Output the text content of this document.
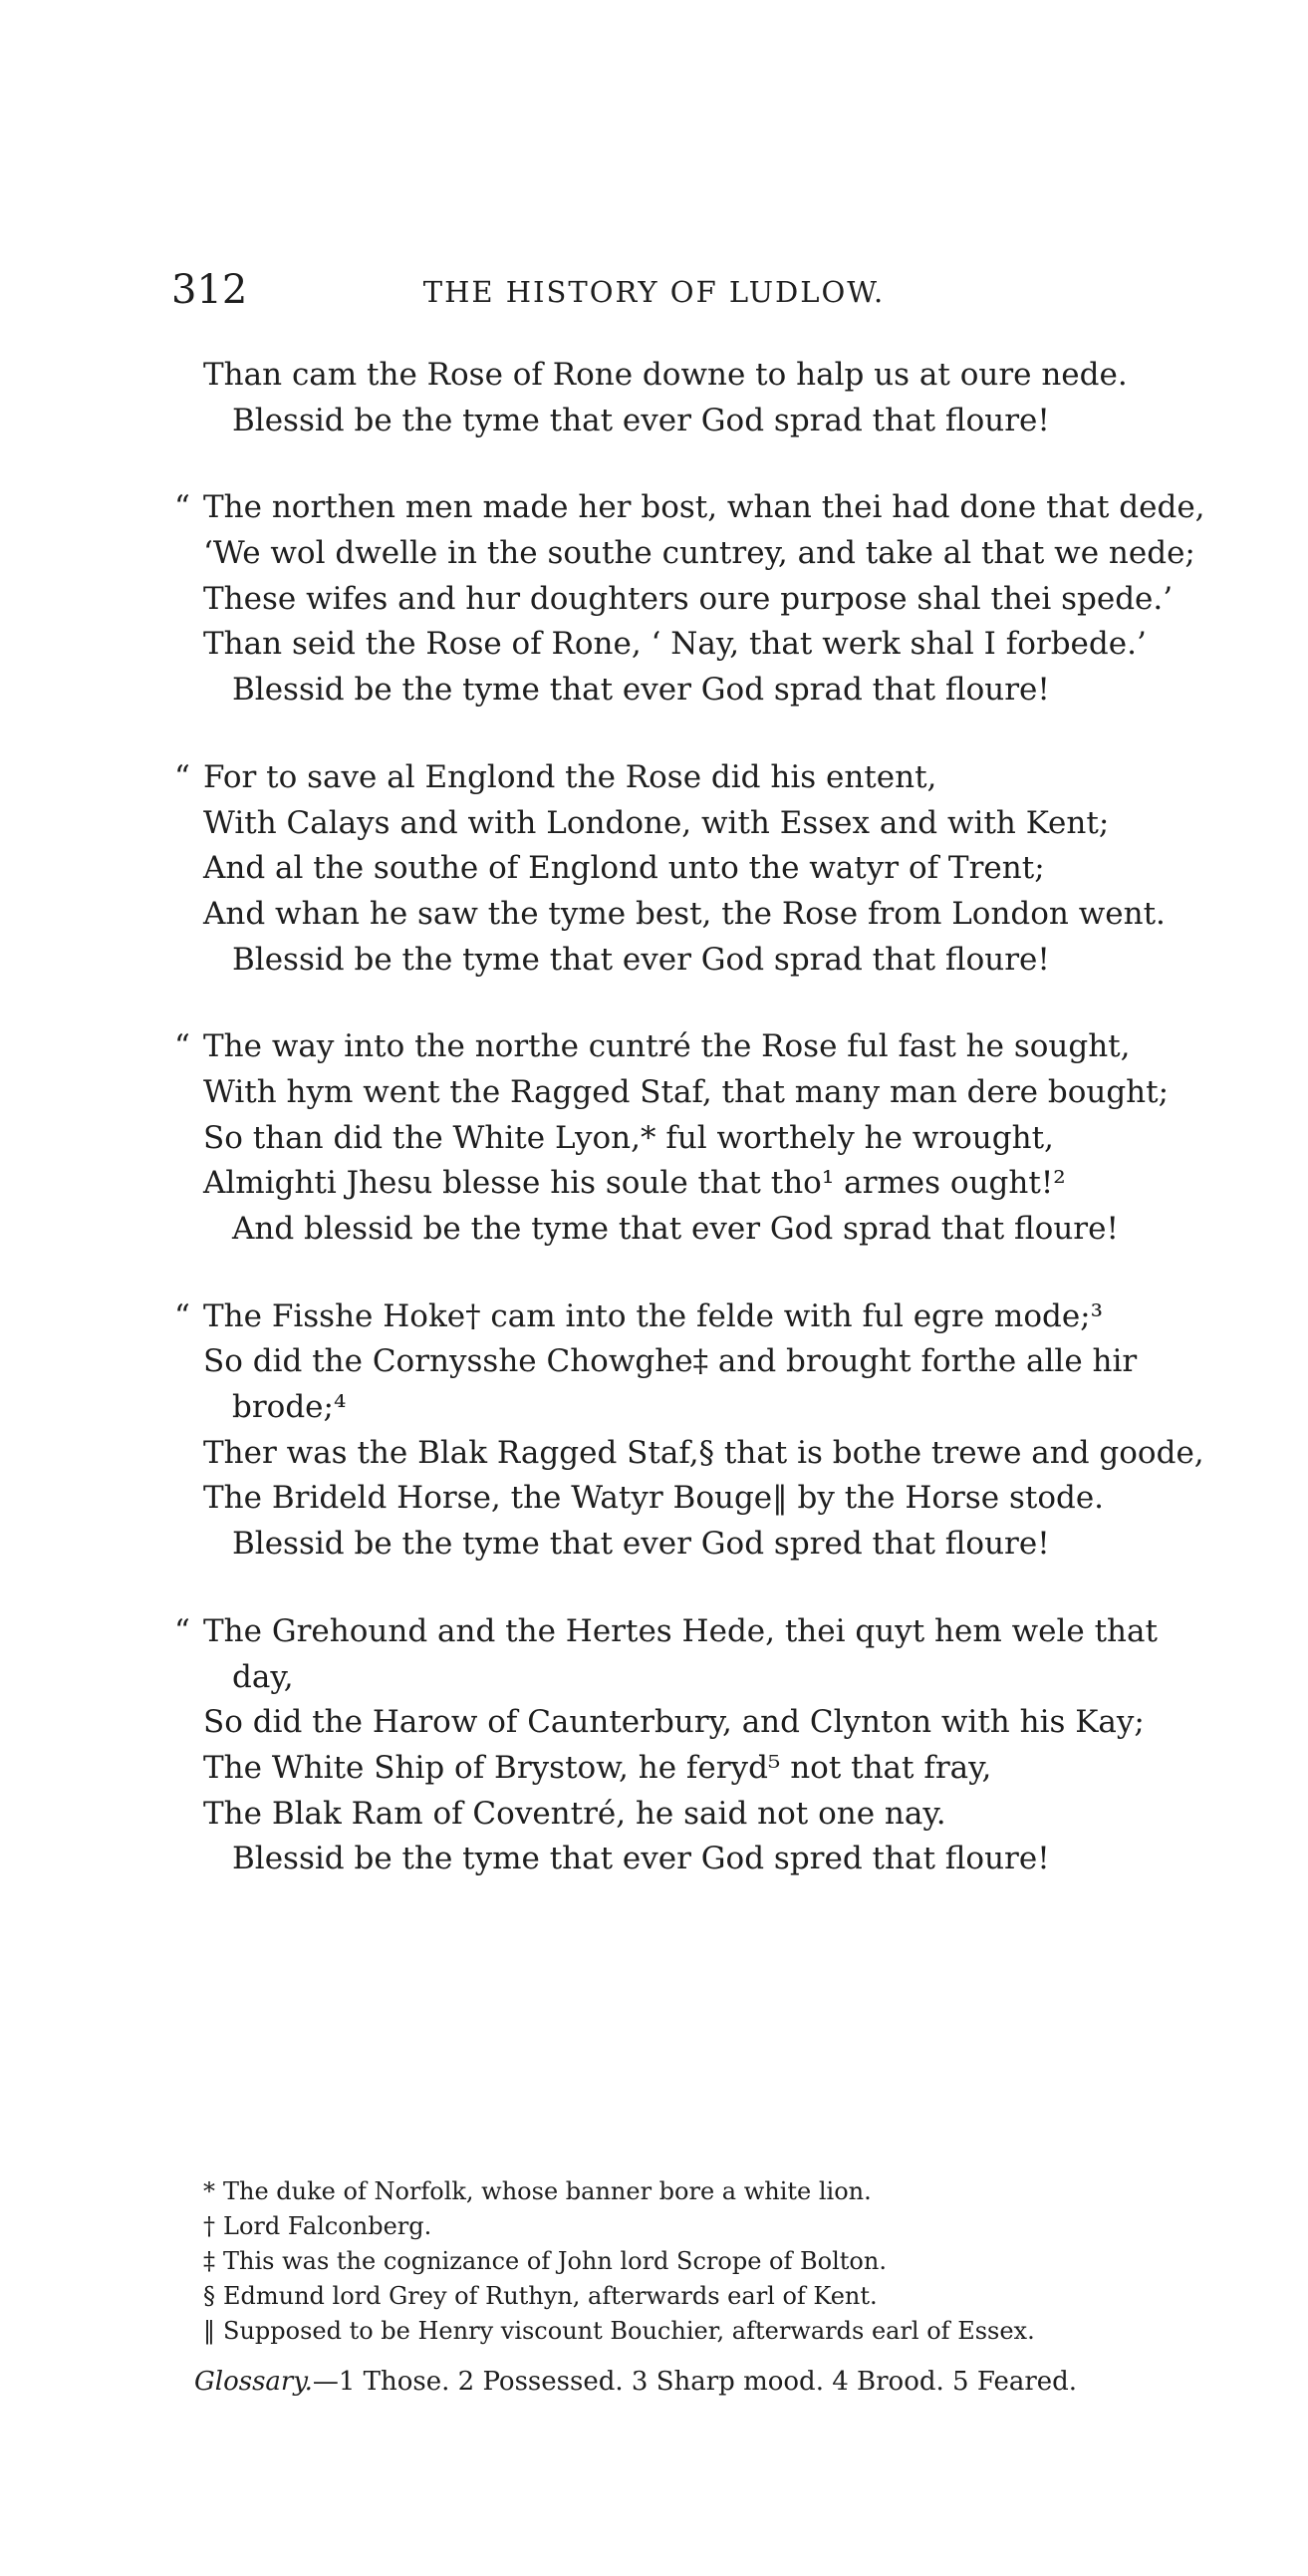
312	THE HISTORY OF LUDLOW.
Than cam the Rose of Rone downe to halp us at oure nede.
Blessid be the tyme that ever God sprad that floure!
“ The northen men made her bost, whan thei had done that dede,
‘We wol dwelle in the southe cuntrey, and take al that we nede;
These wifes and hur doughters oure purpose shal thei spede.’
Than seid the Rose of Rone, ‘ Nay, that werk shal I forbede.’
Blessid be the tyme that ever God sprad that floure!
“ For to save al Englond the Rose did his entent,
With Calays and with Londone, with Essex and with Kent;
And al the southe of Englond unto the watyr of Trent;
And whan he saw the tyme best, the Rose from London went.
Blessid be the tyme that ever God sprad that floure!
“ The way into the northe cuntré the Rose ful fast he sought,
With hym went the Ragged Staf, that many man dere bought;
So than did the White Lyon,* ful worthely he wrought,
Almighti Jhesu blesse his soule that tho¹ armes ought!²
And blessid be the tyme that ever God sprad that floure!
“ The Fisshe Hoke† cam into the felde with ful egre mode;³
So did the Cornysshe Chowghe‡ and brought forthe alle hir
brode;⁴
Ther was the Blak Ragged Staf,§ that is bothe trewe and goode,
The Brideld Horse, the Watyr Bouge‖ by the Horse stode.
Blessid be the tyme that ever God spred that floure!
“ The Grehound and the Hertes Hede, thei quyt hem wele that
day,
So did the Harow of Caunterbury, and Clynton with his Kay;
The White Ship of Brystow, he feryd⁵ not that fray,
The Blak Ram of Coventré, he said not one nay.
Blessid be the tyme that ever God spred that floure!
* The duke of Norfolk, whose banner bore a white lion.
† Lord Falconberg.
‡ This was the cognizance of John lord Scrope of Bolton.
§ Edmund lord Grey of Ruthyn, afterwards earl of Kent.
‖ Supposed to be Henry viscount Bouchier, afterwards earl of Essex.
Glossary.—1 Those. 2 Possessed. 3 Sharp mood. 4 Brood. 5 Feared.
